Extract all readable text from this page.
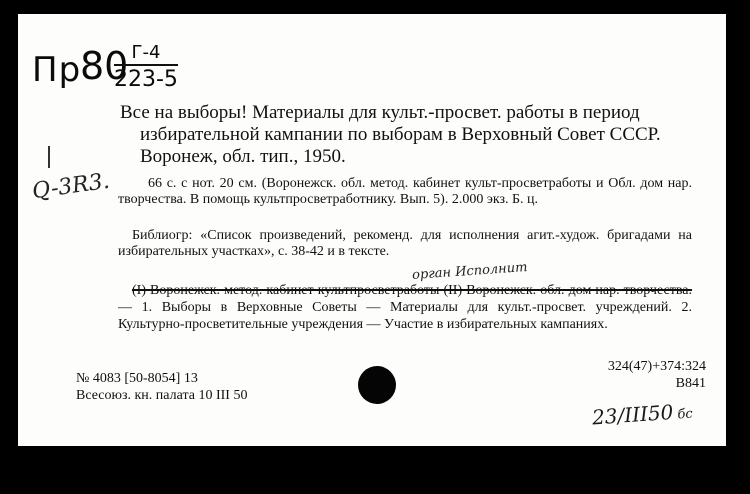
Пр
80 Г-4
223-5
Q-3R3.
Все на выборы! Материалы для культ.-просвет. работы в период избирательной кампании по выборам в Верховный Совет СССР. Воронеж, обл. тип., 1950.
66 с. с нот. 20 см. (Воронежск. обл. метод. кабинет культ-просветработы и Обл. дом нар. творчества. В помощь культпросветработнику. Вып. 5). 2.000 экз. Б. ц.
Библиогр: «Список произведений, рекоменд. для исполнения агит.-худож. бригадами на избирательных участках», с. 38-42 и в тексте.
орган Исполнит
(I) Воронежск. метод. кабинет культпросветработы (II) Воронежск. обл. дом нар. творчества. — 1. Выборы в Верховные Советы — Материалы для культ.-просвет. учреждений. 2. Культурно-просветительные учреждения — Участие в избирательных кампаниях.
№ 4083 [50-8054] 13
Всесоюз. кн. палата 10 III 50
324(47)+374:324
В841
23/III50 бс
